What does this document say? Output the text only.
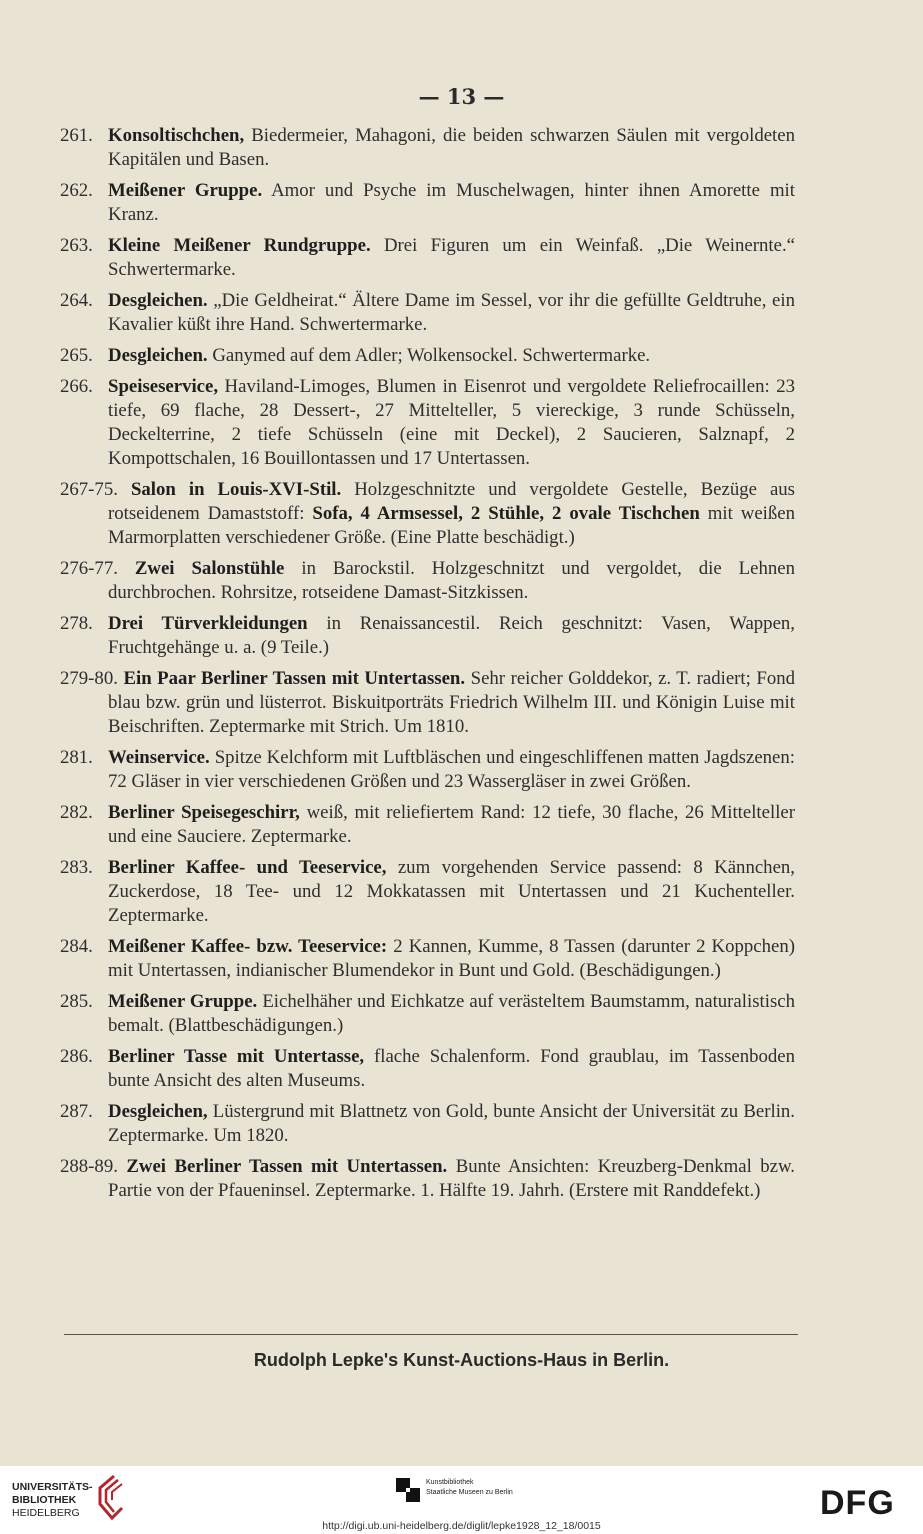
— 13 —
261. Konsoltischchen, Biedermeier, Mahagoni, die beiden schwarzen Säulen mit vergoldeten Kapitälen und Basen.
262. Meißener Gruppe. Amor und Psyche im Muschelwagen, hinter ihnen Amorette mit Kranz.
263. Kleine Meißener Rundgruppe. Drei Figuren um ein Weinfaß. „Die Weinernte.“ Schwertermarke.
264. Desgleichen. „Die Geldheirat.“ Ältere Dame im Sessel, vor ihr die gefüllte Geldtruhe, ein Kavalier küßt ihre Hand. Schwertermarke.
265. Desgleichen. Ganymed auf dem Adler; Wolkensockel. Schwertermarke.
266. Speiseservice, Haviland-Limoges, Blumen in Eisenrot und vergoldete Reliefrocaillen: 23 tiefe, 69 flache, 28 Dessert-, 27 Mittelteller, 5 viereckige, 3 runde Schüsseln, Deckelterrine, 2 tiefe Schüsseln (eine mit Deckel), 2 Saucieren, Salznapf, 2 Kompottschalen, 16 Bouillontassen und 17 Untertassen.
267-75. Salon in Louis-XVI-Stil. Holzgeschnitzte und vergoldete Gestelle, Bezüge aus rotseidenem Damaststoff: Sofa, 4 Armsessel, 2 Stühle, 2 ovale Tischchen mit weißen Marmorplatten verschiedener Größe. (Eine Platte beschädigt.)
276-77. Zwei Salonstühle in Barockstil. Holzgeschnitzt und vergoldet, die Lehnen durchbrochen. Rohrsitze, rotseidene Damast-Sitzkissen.
278. Drei Türverkleidungen in Renaissancestil. Reich geschnitzt: Vasen, Wappen, Fruchtgehänge u. a. (9 Teile.)
279-80. Ein Paar Berliner Tassen mit Untertassen. Sehr reicher Golddekor, z. T. radiert; Fond blau bzw. grün und lüsterrot. Biskuitporträts Friedrich Wilhelm III. und Königin Luise mit Beischriften. Zeptermarke mit Strich. Um 1810.
281. Weinservice. Spitze Kelchform mit Luftbläschen und eingeschliffenen matten Jagdszenen: 72 Gläser in vier verschiedenen Größen und 23 Wassergläser in zwei Größen.
282. Berliner Speisegeschirr, weiß, mit reliefiertem Rand: 12 tiefe, 30 flache, 26 Mittelteller und eine Sauciere. Zeptermarke.
283. Berliner Kaffee- und Teeservice, zum vorgehenden Service passend: 8 Kännchen, Zuckerdose, 18 Tee- und 12 Mokkatassen mit Untertassen und 21 Kuchenteller. Zeptermarke.
284. Meißener Kaffee- bzw. Teeservice: 2 Kannen, Kumme, 8 Tassen (darunter 2 Koppchen) mit Untertassen, indianischer Blumendekor in Bunt und Gold. (Beschädigungen.)
285. Meißener Gruppe. Eichelhäher und Eichkatze auf verästeltem Baumstamm, naturalistisch bemalt. (Blattbeschädigungen.)
286. Berliner Tasse mit Untertasse, flache Schalenform. Fond graublau, im Tassenboden bunte Ansicht des alten Museums.
287. Desgleichen, Lüstergrund mit Blattnetz von Gold, bunte Ansicht der Universität zu Berlin. Zeptermarke. Um 1820.
288-89. Zwei Berliner Tassen mit Untertassen. Bunte Ansichten: Kreuzberg-Denkmal bzw. Partie von der Pfaueninsel. Zeptermarke. 1. Hälfte 19. Jahrh. (Erstere mit Randdefekt.)
Rudolph Lepke's Kunst-Auctions-Haus in Berlin.
UNIVERSITÄTS-
BIBLIOTHEK
HEIDELBERG
Kunstbibliothek
Staatliche Museen zu Berlin	DFG
http://digi.ub.uni-heidelberg.de/diglit/lepke1928_12_18/0015
